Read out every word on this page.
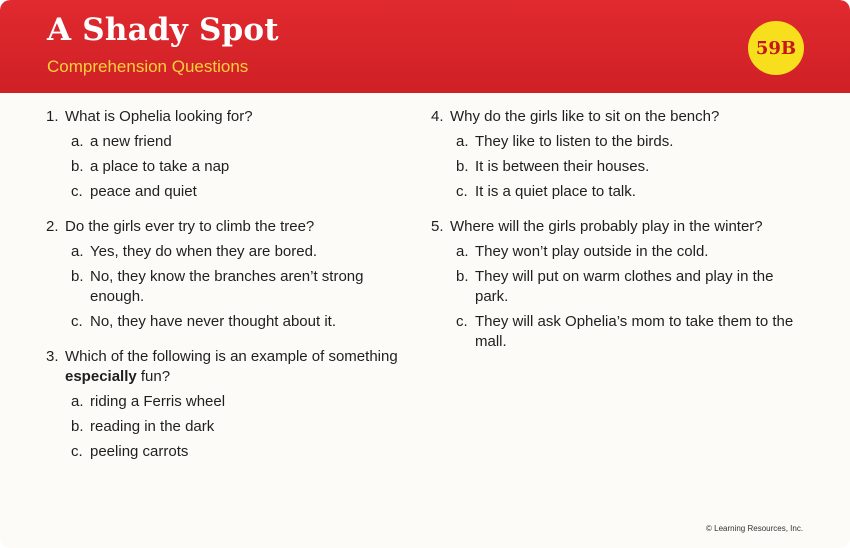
A Shady Spot
Comprehension Questions
59B
1. What is Ophelia looking for?
a. a new friend
b. a place to take a nap
c. peace and quiet
2. Do the girls ever try to climb the tree?
a. Yes, they do when they are bored.
b. No, they know the branches aren’t strong enough.
c. No, they have never thought about it.
3. Which of the following is an example of something especially fun?
a. riding a Ferris wheel
b. reading in the dark
c. peeling carrots
4. Why do the girls like to sit on the bench?
a. They like to listen to the birds.
b. It is between their houses.
c. It is a quiet place to talk.
5. Where will the girls probably play in the winter?
a. They won’t play outside in the cold.
b. They will put on warm clothes and play in the park.
c. They will ask Ophelia’s mom to take them to the mall.
© Learning Resources, Inc.
